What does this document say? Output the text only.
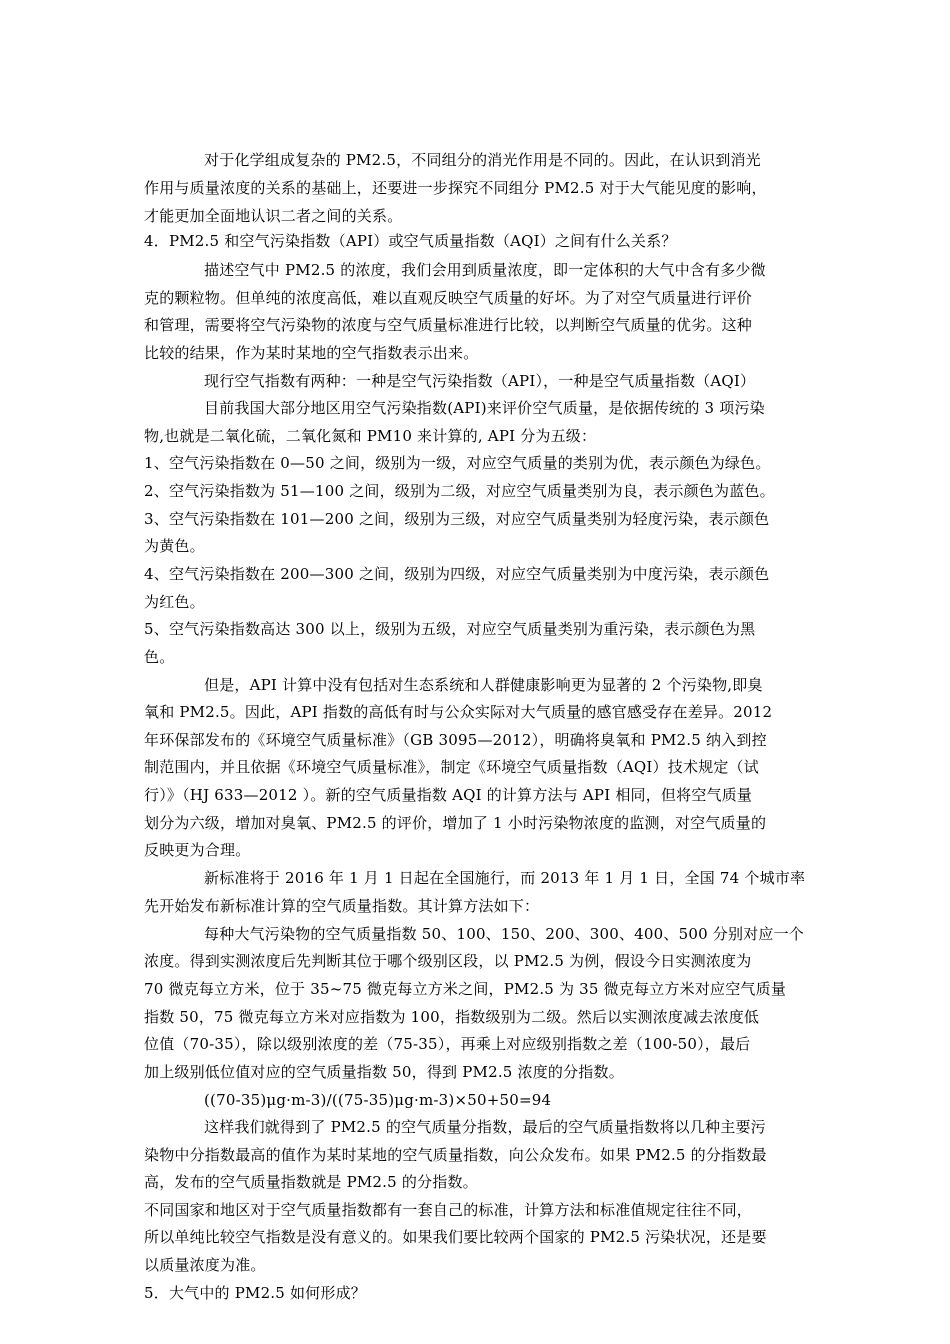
对于化学组成复杂的 PM2.5，不同组分的消光作用是不同的。因此，在认识到消光
作用与质量浓度的关系的基础上，还要进一步探究不同组分 PM2.5 对于大气能见度的影响，
才能更加全面地认识二者之间的关系。
4．PM2.5 和空气污染指数（API）或空气质量指数（AQI）之间有什么关系？
描述空气中 PM2.5 的浓度，我们会用到质量浓度，即一定体积的大气中含有多少微
克的颗粒物。但单纯的浓度高低，难以直观反映空气质量的好坏。为了对空气质量进行评价
和管理，需要将空气污染物的浓度与空气质量标准进行比较，以判断空气质量的优劣。这种
比较的结果，作为某时某地的空气指数表示出来。
现行空气指数有两种：一种是空气污染指数（API），一种是空气质量指数（AQI）
目前我国大部分地区用空气污染指数(API)来评价空气质量，是依据传统的 3 项污染
物,也就是二氧化硫，二氧化氮和 PM10 来计算的, API 分为五级：
1、空气污染指数在 0—50 之间，级别为一级，对应空气质量的类别为优，表示颜色为绿色。
2、空气污染指数为 51—100 之间，级别为二级，对应空气质量类别为良，表示颜色为蓝色。
3、空气污染指数在 101—200 之间，级别为三级，对应空气质量类别为轻度污染，表示颜色
为黄色。
4、空气污染指数在 200—300 之间，级别为四级，对应空气质量类别为中度污染，表示颜色
为红色。
5、空气污染指数高达 300 以上，级别为五级，对应空气质量类别为重污染，表示颜色为黑
色。
但是，API 计算中没有包括对生态系统和人群健康影响更为显著的 2 个污染物,即臭
氧和 PM2.5。因此，API 指数的高低有时与公众实际对大气质量的感官感受存在差异。2012
年环保部发布的《环境空气质量标准》（GB 3095—2012），明确将臭氧和 PM2.5 纳入到控
制范围内，并且依据《环境空气质量标准》，制定《环境空气质量指数（AQI）技术规定（试
行）》（HJ 633—2012 ）。新的空气质量指数 AQI 的计算方法与 API 相同，但将空气质量
划分为六级，增加对臭氧、PM2.5 的评价，增加了 1 小时污染物浓度的监测，对空气质量的
反映更为合理。
新标准将于 2016 年 1 月 1 日起在全国施行，而 2013 年 1 月 1 日，全国 74 个城市率
先开始发布新标准计算的空气质量指数。其计算方法如下：
每种大气污染物的空气质量指数 50、100、150、200、300、400、500 分别对应一个
浓度。得到实测浓度后先判断其位于哪个级别区段，以 PM2.5 为例，假设今日实测浓度为
70 微克每立方米，位于 35~75 微克每立方米之间，PM2.5 为 35 微克每立方米对应空气质量
指数 50，75 微克每立方米对应指数为 100，指数级别为二级。然后以实测浓度减去浓度低
位值（70-35），除以级别浓度的差（75-35），再乘上对应级别指数之差（100-50），最后
加上级别低位值对应的空气质量指数 50，得到 PM2.5 浓度的分指数。
((70-35)μg·m-3)/((75-35)μg·m-3)×50+50=94
这样我们就得到了 PM2.5 的空气质量分指数，最后的空气质量指数将以几种主要污
染物中分指数最高的值作为某时某地的空气质量指数，向公众发布。如果 PM2.5 的分指数最
高，发布的空气质量指数就是 PM2.5 的分指数。
不同国家和地区对于空气质量指数都有一套自己的标准，计算方法和标准值规定往往不同，
所以单纯比较空气指数是没有意义的。如果我们要比较两个国家的 PM2.5 污染状况，还是要
以质量浓度为准。
5．大气中的 PM2.5 如何形成？
